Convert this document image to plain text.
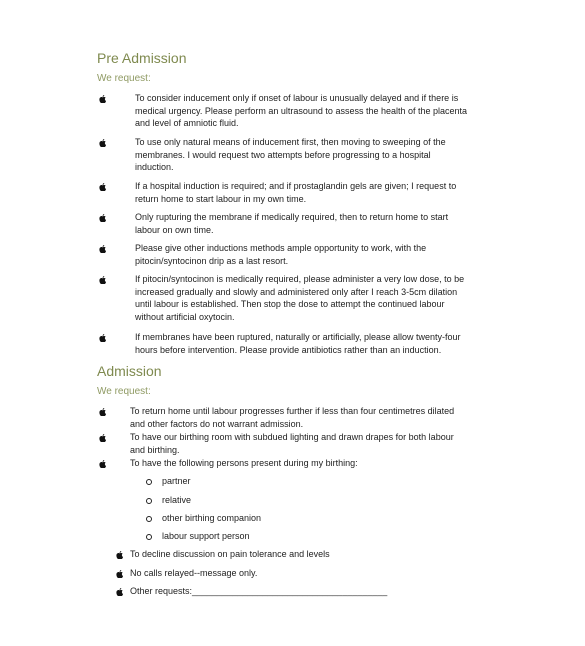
Pre Admission
We request:
To consider inducement only if onset of labour is unusually delayed and if there is
medical urgency. Please perform an ultrasound to assess the health of the placenta
and level of amniotic fluid.
To use only natural means of inducement first, then moving to sweeping of the
membranes. I would request two attempts before progressing to a hospital
induction.
If a hospital induction is required; and if prostaglandin gels are given; I request to
return home to start labour in my own time.
Only rupturing the membrane if medically required, then to return home to start
labour on own time.
Please give other inductions methods ample opportunity to work, with the
pitocin/syntocinon drip as a last resort.
If pitocin/syntocinon is medically required, please administer a very low dose, to be
increased gradually and slowly and administered only after I reach 3-5cm dilation
until labour is established. Then stop the dose to attempt the continued labour
without artificial oxytocin.
If membranes have been ruptured, naturally or artificially, please allow twenty-four
hours before intervention. Please provide antibiotics rather than an induction.
Admission
We request:
To return home until labour progresses further if less than four centimetres dilated
and other factors do not warrant admission.
To have our birthing room with subdued lighting and drawn drapes for both labour
and birthing.
To have the following persons present during my birthing:
partner
relative
other birthing companion
labour support person
To decline discussion on pain tolerance and levels
No calls relayed--message only.
Other requests:_______________________________________
